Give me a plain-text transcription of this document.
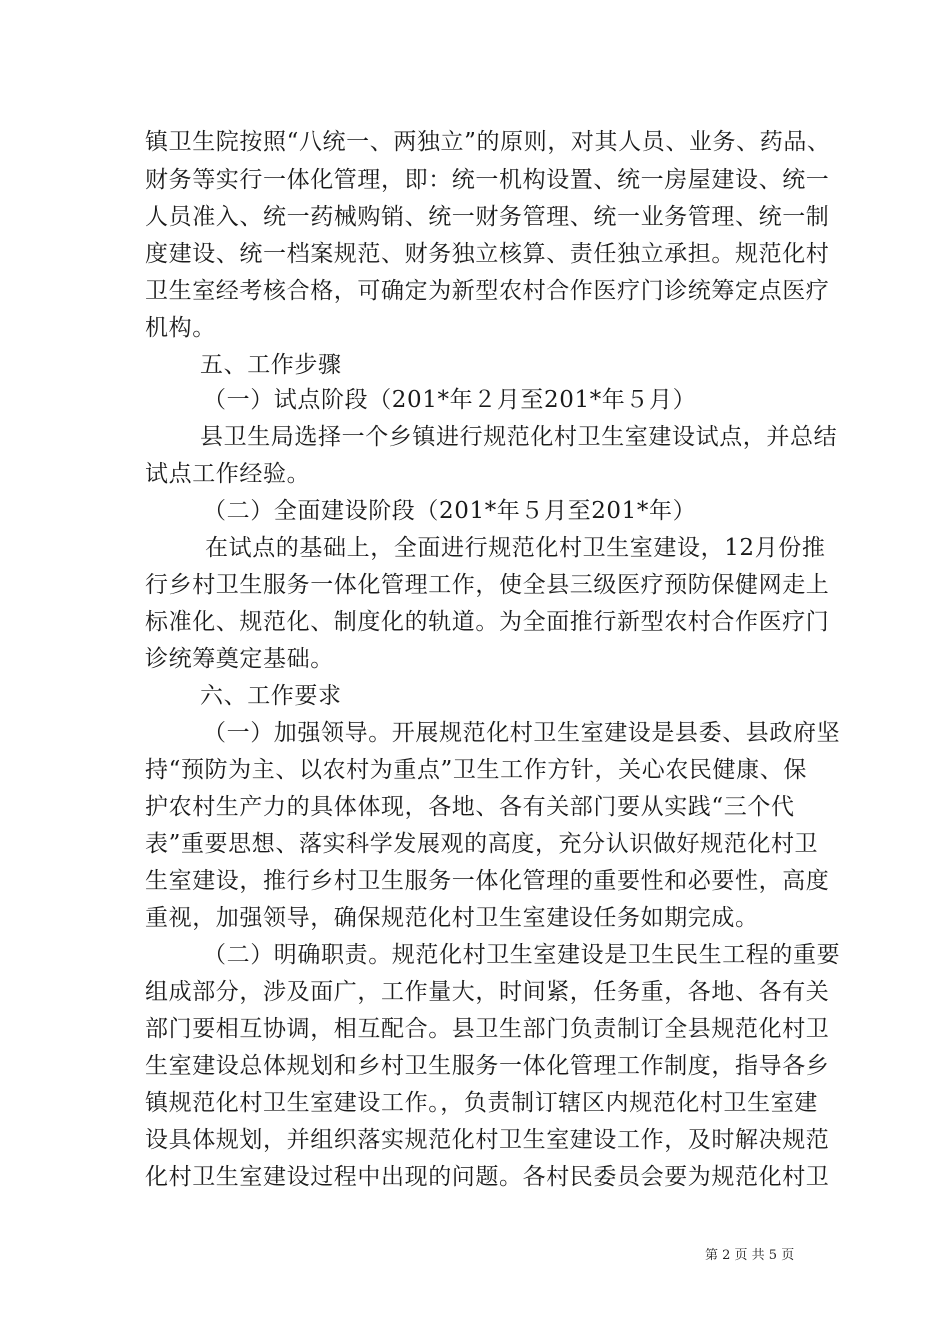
镇卫生院按照“八统一、两独立”的原则，对其人员、业务、药品、
财务等实行一体化管理，即：统一机构设置、统一房屋建设、统一
人员准入、统一药械购销、统一财务管理、统一业务管理、统一制
度建设、统一档案规范、财务独立核算、责任独立承担。规范化村
卫生室经考核合格，可确定为新型农村合作医疗门诊统筹定点医疗
机构。
五、工作步骤
（一）试点阶段（201*年２月至201*年５月）
县卫生局选择一个乡镇进行规范化村卫生室建设试点，并总结
试点工作经验。
（二）全面建设阶段（201*年５月至201*年）
在试点的基础上，全面进行规范化村卫生室建设，12月份推
行乡村卫生服务一体化管理工作，使全县三级医疗预防保健网走上
标准化、规范化、制度化的轨道。为全面推行新型农村合作医疗门
诊统筹奠定基础。
六、工作要求
（一）加强领导。开展规范化村卫生室建设是县委、县政府坚
持“预防为主、以农村为重点”卫生工作方针，关心农民健康、保
护农村生产力的具体体现，各地、各有关部门要从实践“三个代
表”重要思想、落实科学发展观的高度，充分认识做好规范化村卫
生室建设，推行乡村卫生服务一体化管理的重要性和必要性，高度
重视，加强领导，确保规范化村卫生室建设任务如期完成。
（二）明确职责。规范化村卫生室建设是卫生民生工程的重要
组成部分，涉及面广，工作量大，时间紧，任务重，各地、各有关
部门要相互协调，相互配合。县卫生部门负责制订全县规范化村卫
生室建设总体规划和乡村卫生服务一体化管理工作制度，指导各乡
镇规范化村卫生室建设工作。，负责制订辖区内规范化村卫生室建
设具体规划，并组织落实规范化村卫生室建设工作，及时解决规范
化村卫生室建设过程中出现的问题。各村民委员会要为规范化村卫
第 2 页 共 5 页
